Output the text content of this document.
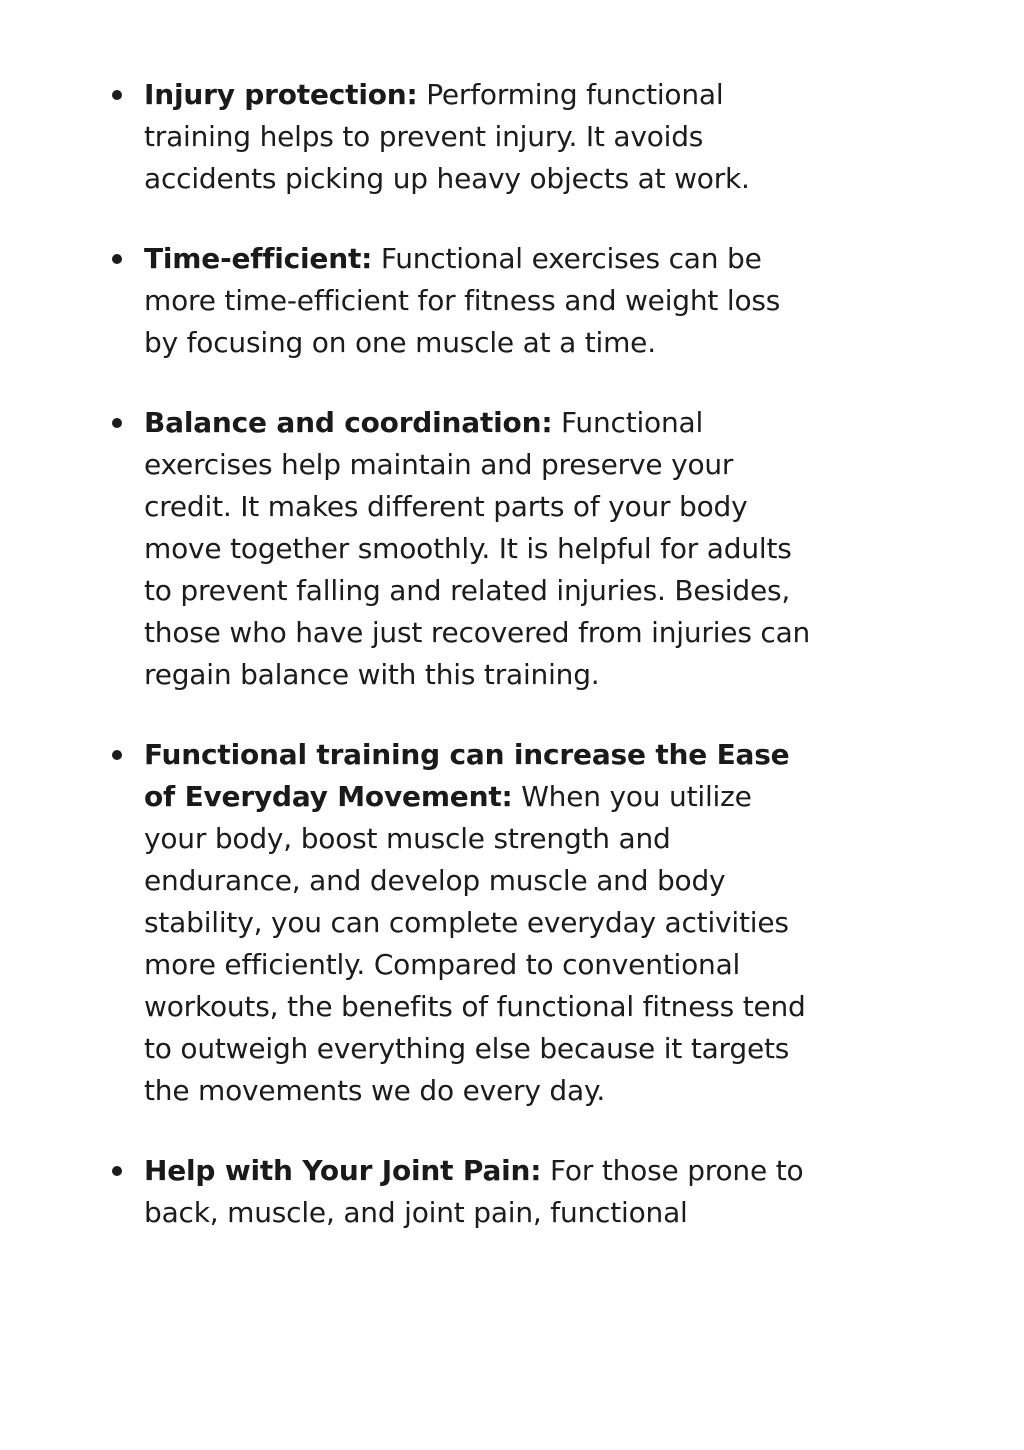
Injury protection: Performing functional training helps to prevent injury. It avoids accidents picking up heavy objects at work.
Time-efficient: Functional exercises can be more time-efficient for fitness and weight loss by focusing on one muscle at a time.
Balance and coordination: Functional exercises help maintain and preserve your credit. It makes different parts of your body move together smoothly. It is helpful for adults to prevent falling and related injuries. Besides, those who have just recovered from injuries can regain balance with this training.
Functional training can increase the Ease of Everyday Movement: When you utilize your body, boost muscle strength and endurance, and develop muscle and body stability, you can complete everyday activities more efficiently. Compared to conventional workouts, the benefits of functional fitness tend to outweigh everything else because it targets the movements we do every day.
Help with Your Joint Pain: For those prone to back, muscle, and joint pain, functional
